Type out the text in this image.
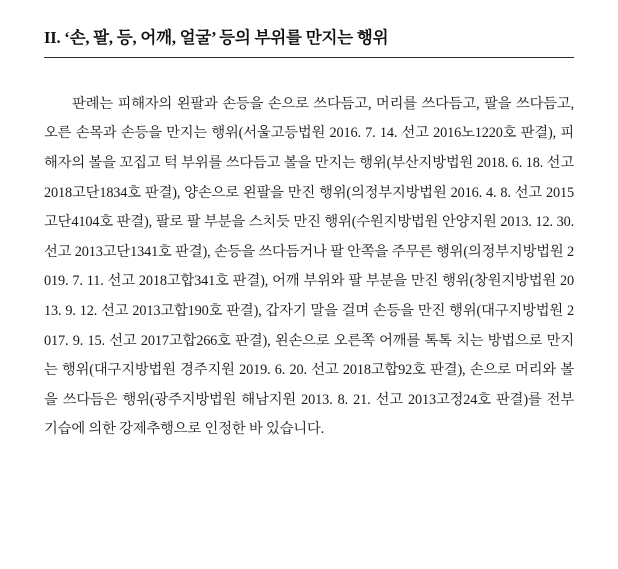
II. ‘손, 팔, 등, 어깨, 얼굴’ 등의 부위를 만지는 행위

판례는 피해자의 왼팔과 손등을 손으로 쓰다듬고, 머리를 쓰다듬고, 팔을 쓰다듬고, 오른 손목과 손등을 만지는 행위(서울고등법원 2016. 7. 14. 선고 2016노1220호 판결), 피해자의 볼을 꼬집고 턱 부위를 쓰다듬고 볼을 만지는 행위(부산지방법원 2018. 6. 18. 선고 2018고단1834호 판결), 양손으로 왼팔을 만진 행위(의정부지방법원 2016. 4. 8. 선고 2015고단4104호 판결), 팔로 팔 부분을 스치듯 만진 행위(수원지방법원 안양지원 2013. 12. 30. 선고 2013고단1341호 판결), 손등을 쓰다듬거나 팔 안쪽을 주무른 행위(의정부지방법원 2019. 7. 11. 선고 2018고합341호 판결), 어깨 부위와 팔 부분을 만진 행위(창원지방법원 2013. 9. 12. 선고 2013고합190호 판결), 갑자기 말을 걸며 손등을 만진 행위(대구지방법원 2017. 9. 15. 선고 2017고합266호 판결), 왼손으로 오른쪽 어깨를 톡톡 치는 방법으로 만지는 행위(대구지방법원 경주지원 2019. 6. 20. 선고 2018고합92호 판결), 손으로 머리와 볼을 쓰다듬은 행위(광주지방법원 해남지원 2013. 8. 21. 선고 2013고정24호 판결)를 전부 기습에 의한 강제추행으로 인정한 바 있습니다.
